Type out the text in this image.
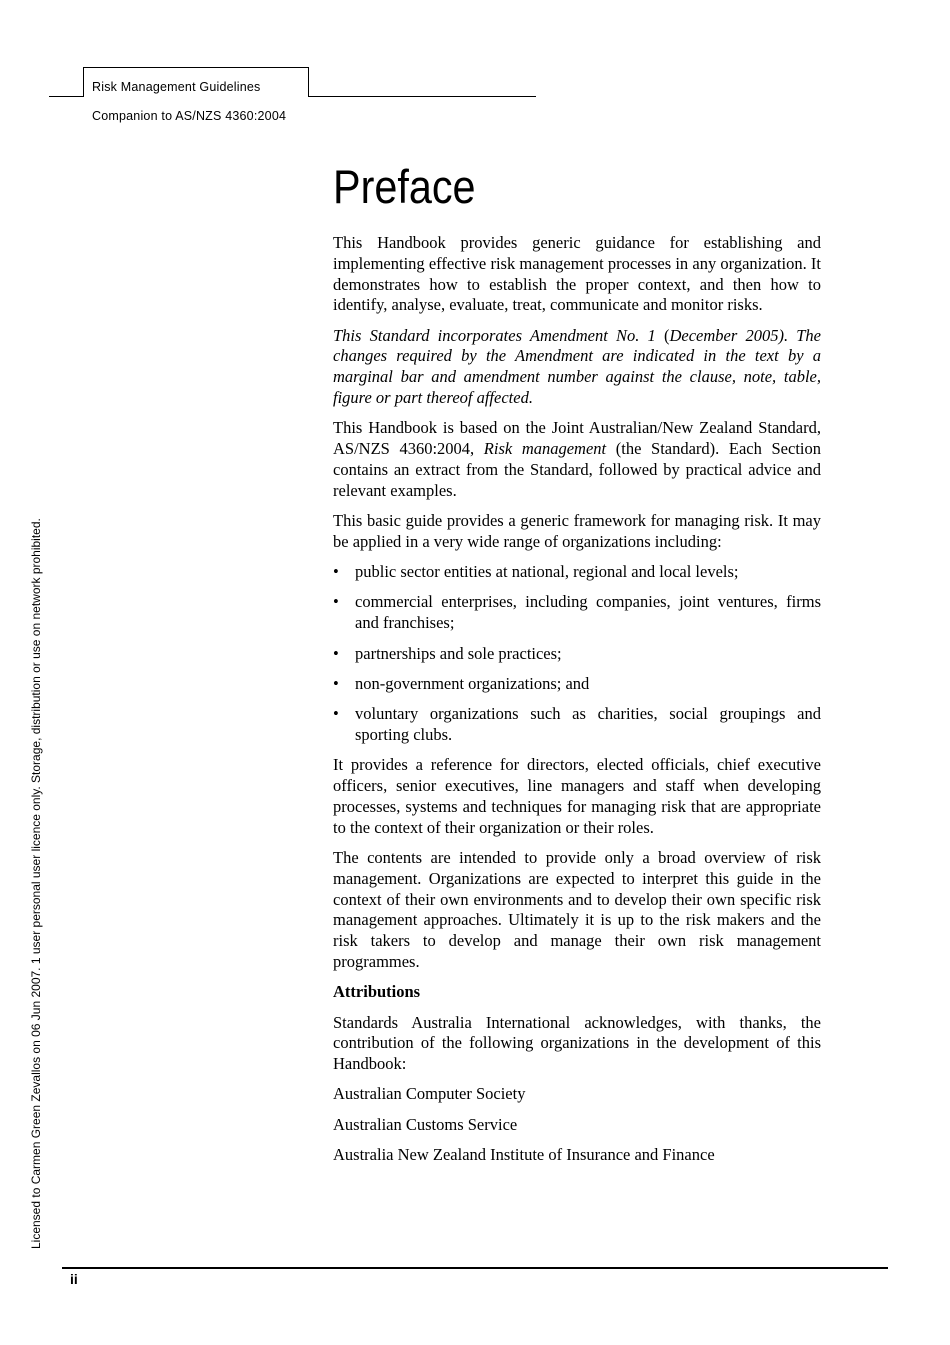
Risk Management Guidelines
Companion to AS/NZS 4360:2004
Licensed to Carmen Green Zevallos on 06 Jun 2007. 1 user personal user licence only. Storage, distribution or use on network prohibited.
Preface

This Handbook provides generic guidance for establishing and implementing effective risk management processes in any organization. It demonstrates how to establish the proper context, and then how to identify, analyse, evaluate, treat, communicate and monitor risks.

This Standard incorporates Amendment No. 1 (December 2005). The changes required by the Amendment are indicated in the text by a marginal bar and amendment number against the clause, note, table, figure or part thereof affected.

This Handbook is based on the Joint Australian/New Zealand Standard, AS/NZS 4360:2004, Risk management (the Standard). Each Section contains an extract from the Standard, followed by practical advice and relevant examples.

This basic guide provides a generic framework for managing risk. It may be applied in a very wide range of organizations including:

• public sector entities at national, regional and local levels;
• commercial enterprises, including companies, joint ventures, firms and franchises;
• partnerships and sole practices;
• non-government organizations; and
• voluntary organizations such as charities, social groupings and sporting clubs.

It provides a reference for directors, elected officials, chief executive officers, senior executives, line managers and staff when developing processes, systems and techniques for managing risk that are appropriate to the context of their organization or their roles.

The contents are intended to provide only a broad overview of risk management. Organizations are expected to interpret this guide in the context of their own environments and to develop their own specific risk management approaches. Ultimately it is up to the risk makers and the risk takers to develop and manage their own risk management programmes.

Attributions

Standards Australia International acknowledges, with thanks, the contribution of the following organizations in the development of this Handbook:

Australian Computer Society

Australian Customs Service

Australia New Zealand Institute of Insurance and Finance

ii
